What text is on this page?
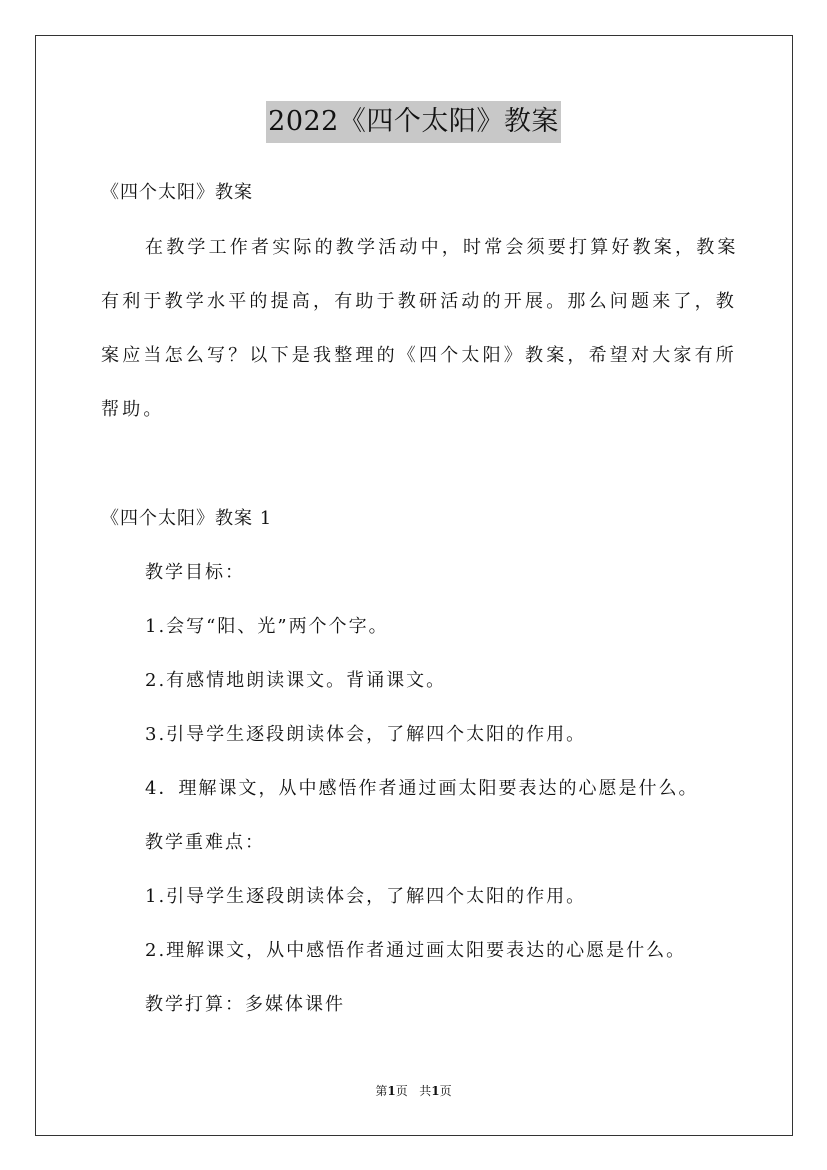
2022《四个太阳》教案
《四个太阳》教案
在教学工作者实际的教学活动中，时常会须要打算好教案，教案
有利于教学水平的提高，有助于教研活动的开展。那么问题来了，教
案应当怎么写？以下是我整理的《四个太阳》教案，希望对大家有所
帮助。
《四个太阳》教案 1
教学目标：
1.会写“阳、光”两个个字。
2.有感情地朗读课文。背诵课文。
3.引导学生逐段朗读体会，了解四个太阳的作用。
4．理解课文，从中感悟作者通过画太阳要表达的心愿是什么。
教学重难点：
1.引导学生逐段朗读体会，了解四个太阳的作用。
2.理解课文，从中感悟作者通过画太阳要表达的心愿是什么。
教学打算：多媒体课件
第1页   共1页
